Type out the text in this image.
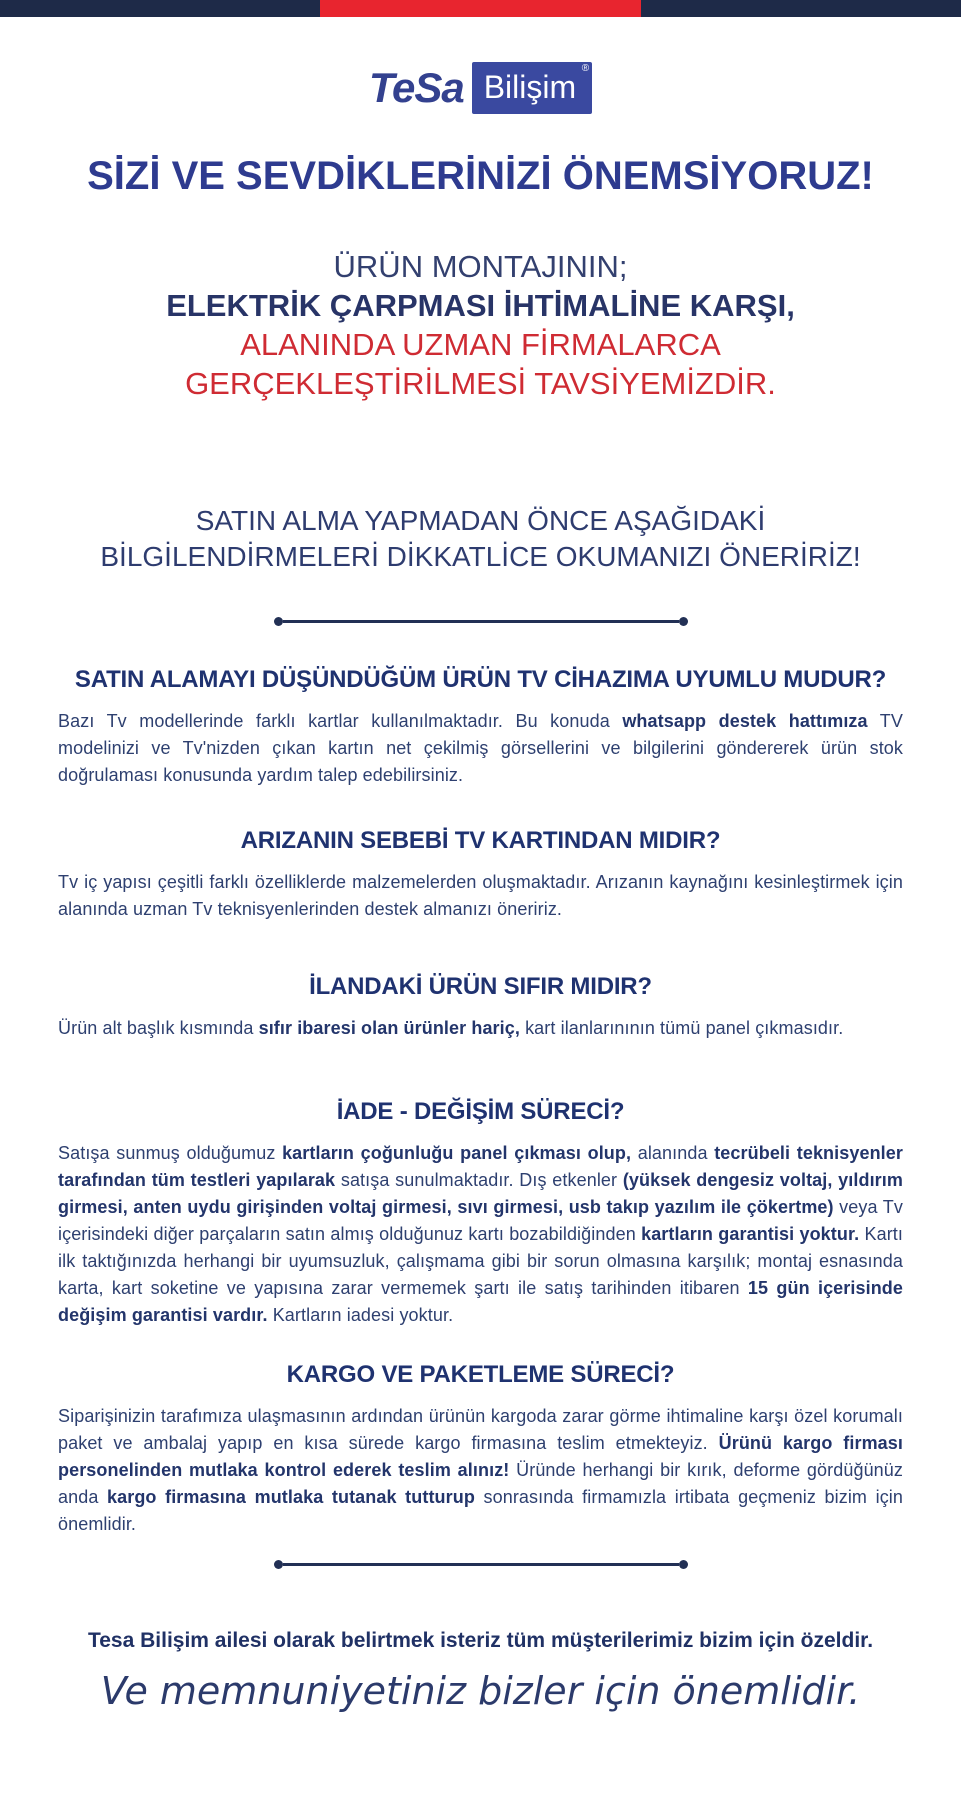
TeSa Bilişim
®
SİZİ VE SEVDİKLERİNİZİ ÖNEMSİYORUZ!
ÜRÜN MONTAJININ;
ELEKTRİK ÇARPMASI İHTİMALİNE KARŞI,
ALANINDA UZMAN FİRMALARCA
GERÇEKLEŞTİRİLMESİ TAVSİYEMİZDİR.
SATIN ALMA YAPMADAN ÖNCE AŞAĞIDAKİ
BİLGİLENDİRMELERİ DİKKATLİCE OKUMANIZI ÖNERİRİZ!
SATIN ALAMAYI DÜŞÜNDÜĞÜM ÜRÜN TV CİHAZIMA UYUMLU MUDUR?

Bazı Tv modellerinde farklı kartlar kullanılmaktadır. Bu konuda whatsapp destek hattımıza TV modelinizi ve Tv'nizden çıkan kartın net çekilmiş görsellerini ve bilgilerini göndererek ürün stok doğrulaması konusunda yardım talep edebilirsiniz.

ARIZANIN SEBEBİ TV KARTINDAN MIDIR?

Tv iç yapısı çeşitli farklı özelliklerde malzemelerden oluşmaktadır. Arızanın kaynağını kesinleştirmek için alanında uzman Tv teknisyenlerinden destek almanızı öneririz.

İLANDAKİ ÜRÜN SIFIR MIDIR?

Ürün alt başlık kısmında sıfır ibaresi olan ürünler hariç, kart ilanlarınının tümü panel çıkmasıdır.

İADE - DEĞİŞİM SÜRECİ?

Satışa sunmuş olduğumuz kartların çoğunluğu panel çıkması olup, alanında tecrübeli teknisyenler tarafından tüm testleri yapılarak satışa sunulmaktadır. Dış etkenler (yüksek dengesiz voltaj, yıldırım girmesi, anten uydu girişinden voltaj girmesi, sıvı girmesi, usb takıp yazılım ile çökertme) veya Tv içerisindeki diğer parçaların satın almış olduğunuz kartı bozabildiğinden kartların garantisi yoktur. Kartı ilk taktığınızda herhangi bir uyumsuzluk, çalışmama gibi bir sorun olmasına karşılık; montaj esnasında karta, kart soketine ve yapısına zarar vermemek şartı ile satış tarihinden itibaren 15 gün içerisinde değişim garantisi vardır. Kartların iadesi yoktur.

KARGO VE PAKETLEME SÜRECİ?

Siparişinizin tarafımıza ulaşmasının ardından ürünün kargoda zarar görme ihtimaline karşı özel korumalı paket ve ambalaj yapıp en kısa sürede kargo firmasına teslim etmekteyiz. Ürünü kargo firması personelinden mutlaka kontrol ederek teslim alınız! Üründe herhangi bir kırık, deforme gördüğünüz anda kargo firmasına mutlaka tutanak tutturup sonrasında firmamızla irtibata geçmeniz bizim için önemlidir.

Tesa Bilişim ailesi olarak belirtmek isteriz tüm müşterilerimiz bizim için özeldir.
Ve memnuniyetiniz bizler için önemlidir.
